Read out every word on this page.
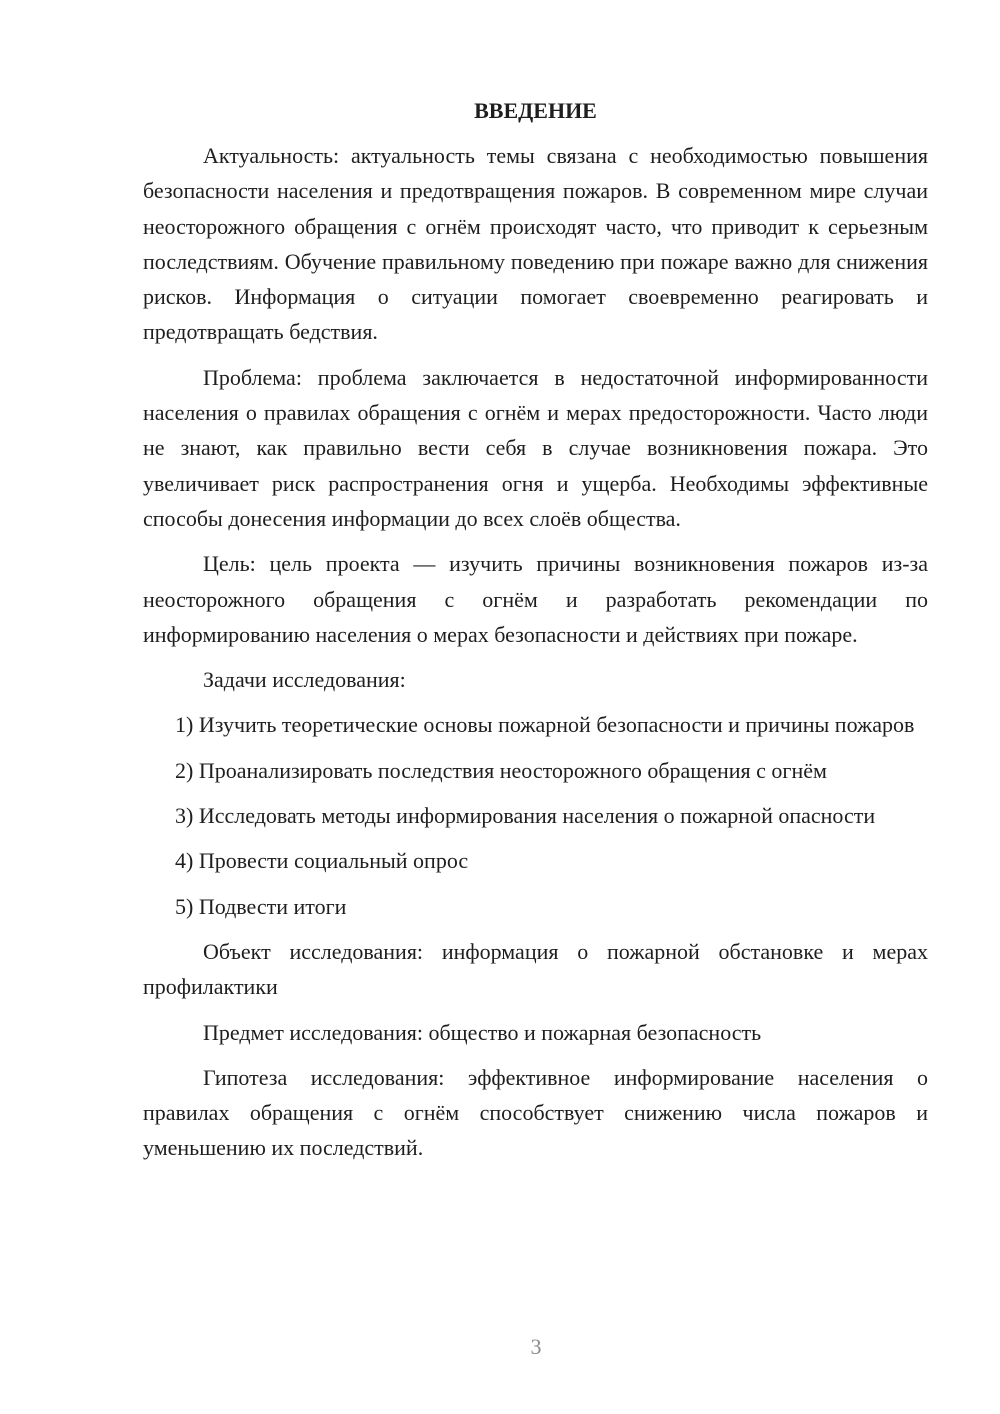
ВВЕДЕНИЕ

Актуальность: актуальность темы связана с необходимостью повышения безопасности населения и предотвращения пожаров. В современном мире случаи неосторожного обращения с огнём происходят часто, что приводит к серьезным последствиям. Обучение правильному поведению при пожаре важно для снижения рисков. Информация о ситуации помогает своевременно реагировать и предотвращать бедствия.

Проблема: проблема заключается в недостаточной информированности населения о правилах обращения с огнём и мерах предосторожности. Часто люди не знают, как правильно вести себя в случае возникновения пожара. Это увеличивает риск распространения огня и ущерба. Необходимы эффективные способы донесения информации до всех слоёв общества.

Цель: цель проекта — изучить причины возникновения пожаров из-за неосторожного обращения с огнём и разработать рекомендации по информированию населения о мерах безопасности и действиях при пожаре.

Задачи исследования:

1) Изучить теоретические основы пожарной безопасности и причины пожаров

2) Проанализировать последствия неосторожного обращения с огнём

3) Исследовать методы информирования населения о пожарной опасности

4) Провести социальный опрос

5) Подвести итоги

Объект исследования: информация о пожарной обстановке и мерах профилактики

Предмет исследования: общество и пожарная безопасность

Гипотеза исследования: эффективное информирование населения о правилах обращения с огнём способствует снижению числа пожаров и уменьшению их последствий.

3
